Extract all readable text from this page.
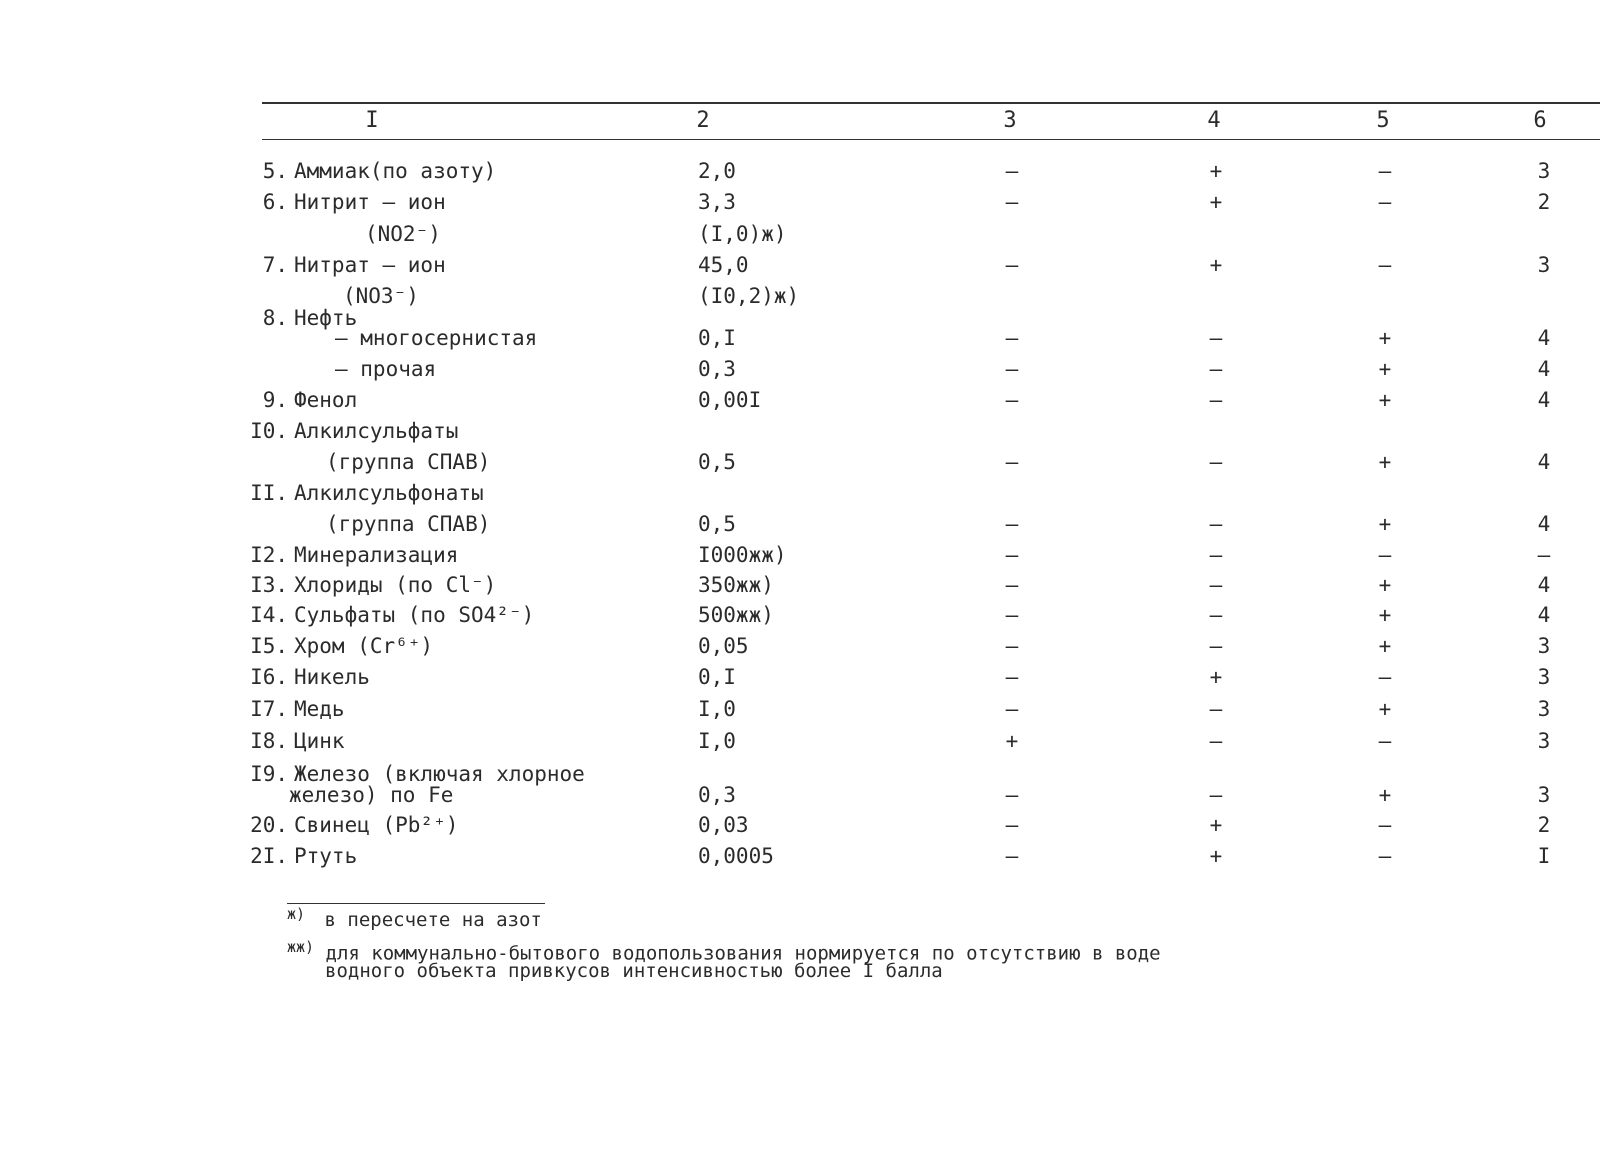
I	2	3	4	5	6
5. Аммиак(по азоту)	2,0	–	+	–	3
6. Нитрит – ион	3,3	–	+	–	2
(NO2⁻)	(I,0)ж)
7. Нитрат – ион	45,0	–	+	–	3
(NO3⁻)	(I0,2)ж)
8. Нефть
– многосернистая	0,I	–	–	+	4
– прочая	0,3	–	–	+	4
9. Фенол	0,00I	–	–	+	4
I0. Алкилсульфаты
(группа СПАВ)	0,5	–	–	+	4
II. Алкилсульфонаты
(группа СПАВ)	0,5	–	–	+	4
I2. Минерализация	I000жж)	–	–	–	–
I3. Хлориды (по Cl⁻)	350жж)	–	–	+	4
I4. Сульфаты (по SO4²⁻)	500жж)	–	–	+	4
I5. Хром (Cr⁶⁺)	0,05	–	–	+	3
I6. Никель	0,I	–	+	–	3
I7. Медь	I,0	–	–	+	3
I8. Цинк	I,0	+	–	–	3
I9. Железо (включая хлорное
железо) по Fe	0,3	–	–	+	3
20. Свинец (Pb²⁺)	0,03	–	+	–	2
2I. Ртуть	0,0005	–	+	–	I
$^{ж)}$ в пересчете на азот
$^{жж)}$ для коммунально-бытового водопользования нормируется по отсутствию в воде
водного объекта привкусов интенсивностью более I балла
